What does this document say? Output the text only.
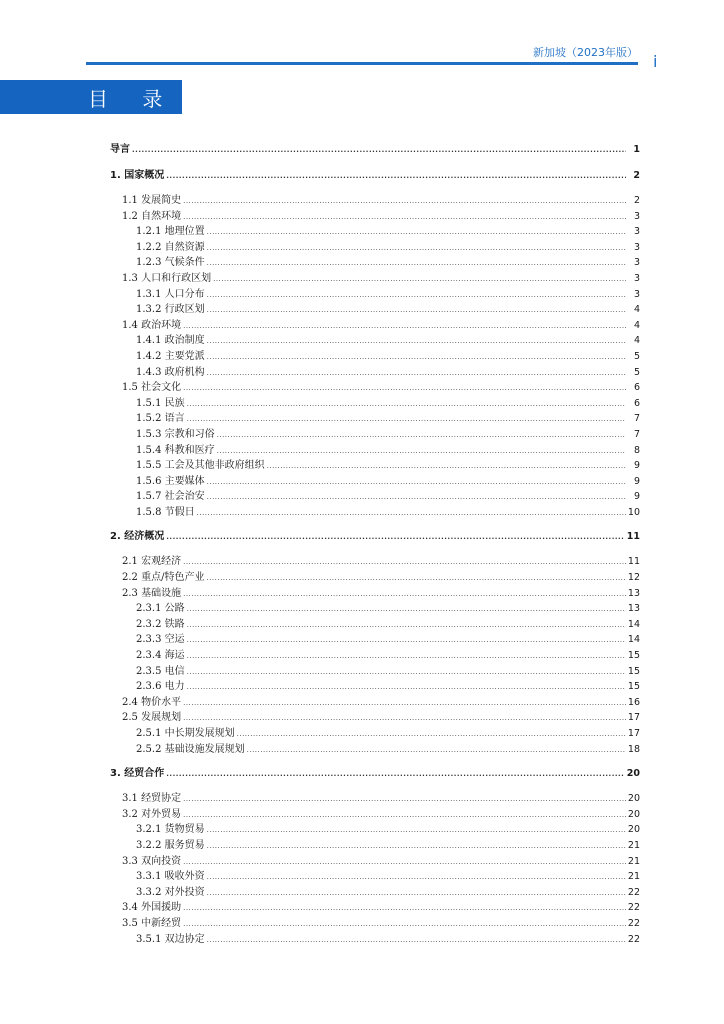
新加坡（2023年版） i
目 录
导言 .....	1
1. 国家概况 .....	2
1.1 发展简史 .....	2
1.2 自然环境 .....	3
1.2.1 地理位置 .....	3
1.2.2 自然资源 .....	3
1.2.3 气候条件 .....	3
1.3 人口和行政区划 .....	3
1.3.1 人口分布 .....	3
1.3.2 行政区划 .....	4
1.4 政治环境 .....	4
1.4.1 政治制度 .....	4
1.4.2 主要党派 .....	5
1.4.3 政府机构 .....	5
1.5 社会文化 .....	6
1.5.1 民族 .....	6
1.5.2 语言 .....	7
1.5.3 宗教和习俗 .....	7
1.5.4 科教和医疗 .....	8
1.5.5 工会及其他非政府组织 .....	9
1.5.6 主要媒体 .....	9
1.5.7 社会治安 .....	9
1.5.8 节假日 .....	10
2. 经济概况 .....	11
2.1 宏观经济 .....	11
2.2 重点/特色产业 .....	12
2.3 基础设施 .....	13
2.3.1 公路 .....	13
2.3.2 铁路 .....	14
2.3.3 空运 .....	14
2.3.4 海运 .....	15
2.3.5 电信 .....	15
2.3.6 电力 .....	15
2.4 物价水平 .....	16
2.5 发展规划 .....	17
2.5.1 中长期发展规划 .....	17
2.5.2 基础设施发展规划 .....	18
3. 经贸合作 .....	20
3.1 经贸协定 .....	20
3.2 对外贸易 .....	20
3.2.1 货物贸易 .....	20
3.2.2 服务贸易 .....	21
3.3 双向投资 .....	21
3.3.1 吸收外资 .....	21
3.3.2 对外投资 .....	22
3.4 外国援助 .....	22
3.5 中新经贸 .....	22
3.5.1 双边协定 .....	22
